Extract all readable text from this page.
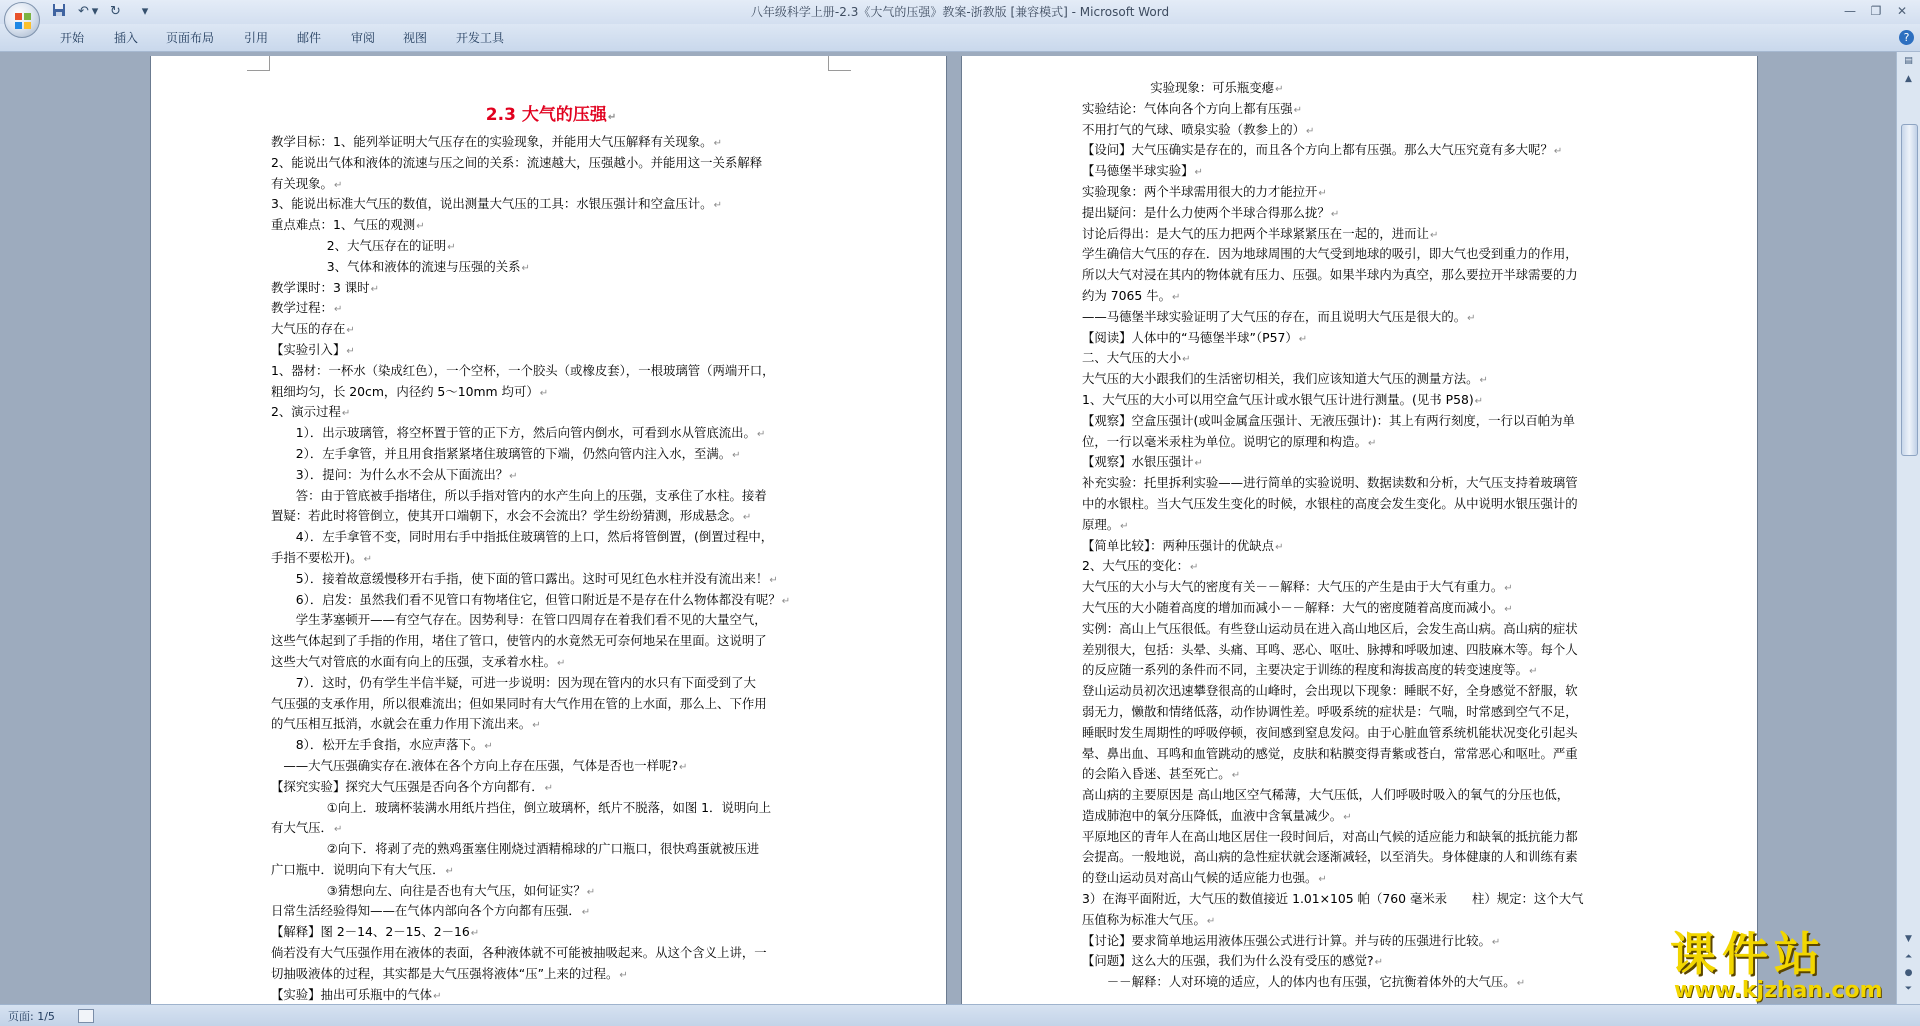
↶ ▾ ↻ ▾	八年级科学上册-2.3《大气的压强》教案-浙教版 [兼容模式] - Microsoft Word	—	❐	✕
开始 插入 页面布局 引用 邮件 审阅 视图 开发工具	?
2.3 大气的压强↵
教学目标：1、能列举证明大气压存在的实验现象，并能用大气压解释有关现象。↵
2、能说出气体和液体的流速与压之间的关系：流速越大，压强越小。并能用这一关系解释
有关现象。↵
3、能说出标准大气压的数值，说出测量大气压的工具：水银压强计和空盒压计。↵
重点难点：1、气压的观测↵
2、大气压存在的证明↵
3、气体和液体的流速与压强的关系↵
教学课时：3 课时↵
教学过程：↵
大气压的存在↵
【实验引入】↵
1、器材：一杯水（染成红色），一个空杯，一个胶头（或橡皮套），一根玻璃管（两端开口，
粗细均匀，长 20cm，内径约 5～10mm 均可）↵
2、演示过程↵
1）．出示玻璃管，将空杯置于管的正下方，然后向管内倒水，可看到水从管底流出。↵
2）．左手拿管，并且用食指紧紧堵住玻璃管的下端，仍然向管内注入水，至满。↵
3）．提问：为什么水不会从下面流出？↵
答：由于管底被手指堵住，所以手指对管内的水产生向上的压强，支承住了水柱。接着
置疑：若此时将管倒立，使其开口端朝下，水会不会流出？学生纷纷猜测，形成悬念。↵
4）．左手拿管不变，同时用右手中指抵住玻璃管的上口，然后将管倒置，(倒置过程中，
手指不要松开)。↵
5）．接着故意缓慢移开右手指，使下面的管口露出。这时可见红色水柱并没有流出来！↵
6）．启发：虽然我们看不见管口有物堵住它，但管口附近是不是存在什么物体都没有呢？↵
学生茅塞顿开——有空气存在。因势利导：在管口四周存在着我们看不见的大量空气，
这些气体起到了手指的作用，堵住了管口，使管内的水竟然无可奈何地呆在里面。这说明了
这些大气对管底的水面有向上的压强，支承着水柱。↵
7）．这时，仍有学生半信半疑，可进一步说明：因为现在管内的水只有下面受到了大
气压强的支承作用，所以很难流出；但如果同时有大气作用在管的上水面，那么上、下作用
的气压相互抵消，水就会在重力作用下流出来。↵
8）．松开左手食指，水应声落下。↵
——大气压强确实存在.液体在各个方向上存在压强，气体是否也一样呢?↵
【探究实验】探究大气压强是否向各个方向都有．↵
①向上．玻璃杯装满水用纸片挡住，倒立玻璃杯，纸片不脱落，如图 1．说明向上
有大气压．↵
②向下．将剥了壳的熟鸡蛋塞住刚烧过酒精棉球的广口瓶口，很快鸡蛋就被压进
广口瓶中．说明向下有大气压．↵
③猜想向左、向往是否也有大气压，如何证实？↵
日常生活经验得知——在气体内部向各个方向都有压强．↵
【解释】图 2－14、2－15、2－16↵
倘若没有大气压强作用在液体的表面，各种液体就不可能被抽吸起来。从这个含义上讲，一
切抽吸液体的过程，其实都是大气压强将液体“压”上来的过程。↵
【实验】抽出可乐瓶中的气体↵
实验现象：可乐瓶变瘪↵
实验结论：气体向各个方向上都有压强↵
不用打气的气球、喷泉实验（教参上的）↵
【设问】大气压确实是存在的，而且各个方向上都有压强。那么大气压究竟有多大呢？↵
【马德堡半球实验】↵
实验现象：两个半球需用很大的力才能拉开↵
提出疑问：是什么力使两个半球合得那么拢？↵
讨论后得出：是大气的压力把两个半球紧紧压在一起的，进而让↵
学生确信大气压的存在．因为地球周围的大气受到地球的吸引，即大气也受到重力的作用，
所以大气对浸在其内的物体就有压力、压强。如果半球内为真空，那么要拉开半球需要的力
约为 7065 牛。↵
——马德堡半球实验证明了大气压的存在，而且说明大气压是很大的。↵
【阅读】人体中的“马德堡半球”（P57）↵
二、大气压的大小↵
大气压的大小跟我们的生活密切相关，我们应该知道大气压的测量方法。↵
1、大气压的大小可以用空盒气压计或水银气压计进行测量。(见书 P58)↵
【观察】空盒压强计(或叫金属盒压强计、无液压强计)：其上有两行刻度，一行以百帕为单
位，一行以毫米汞柱为单位。说明它的原理和构造。↵
【观察】水银压强计↵
补充实验：托里拆利实验——进行简单的实验说明、数据读数和分析，大气压支持着玻璃管
中的水银柱。当大气压发生变化的时候，水银柱的高度会发生变化。从中说明水银压强计的
原理。↵
【简单比较】：两种压强计的优缺点↵
2、大气压的变化：↵
大气压的大小与大气的密度有关－－解释：大气压的产生是由于大气有重力。↵
大气压的大小随着高度的增加而减小－－解释：大气的密度随着高度而减小。↵
实例：高山上气压很低。有些登山运动员在进入高山地区后，会发生高山病。高山病的症状
差别很大，包括：头晕、头痛、耳鸣、恶心、呕吐、脉搏和呼吸加速、四肢麻木等。每个人
的反应随一系列的条件而不同，主要决定于训练的程度和海拔高度的转变速度等。↵
登山运动员初次迅速攀登很高的山峰时，会出现以下现象：睡眠不好，全身感觉不舒服，软
弱无力，懒散和情绪低落，动作协调性差。呼吸系统的症状是：气喘，时常感到空气不足，
睡眠时发生周期性的呼吸停顿，夜间感到窒息发闷。由于心脏血管系统机能状况变化引起头
晕、鼻出血、耳鸣和血管跳动的感觉，皮肤和粘膜变得青紫或苍白，常常恶心和呕吐。严重
的会陷入昏迷、甚至死亡。↵
高山病的主要原因是 高山地区空气稀薄，大气压低，人们呼吸时吸入的氧气的分压也低，
造成肺泡中的氧分压降低，血液中含氧量减少。↵
平原地区的青年人在高山地区居住一段时间后，对高山气候的适应能力和缺氧的抵抗能力都
会提高。一般地说，高山病的急性症状就会逐渐减轻，以至消失。身体健康的人和训练有素
的登山运动员对高山气候的适应能力也强。↵
3）在海平面附近，大气压的数值接近 1.01×105 帕（760 毫米汞　　柱）规定：这个大气
压值称为标准大气压。↵
【讨论】要求简单地运用液体压强公式进行计算。并与砖的压强进行比较。↵
【问题】这么大的压强，我们为什么没有受压的感觉?↵
－－解释：人对环境的适应，人的体内也有压强，它抗衡着体外的大气压。↵
▤
▲
▼
⏶
●
⏷
页面: 1/5
课件站
www.kjzhan.com
